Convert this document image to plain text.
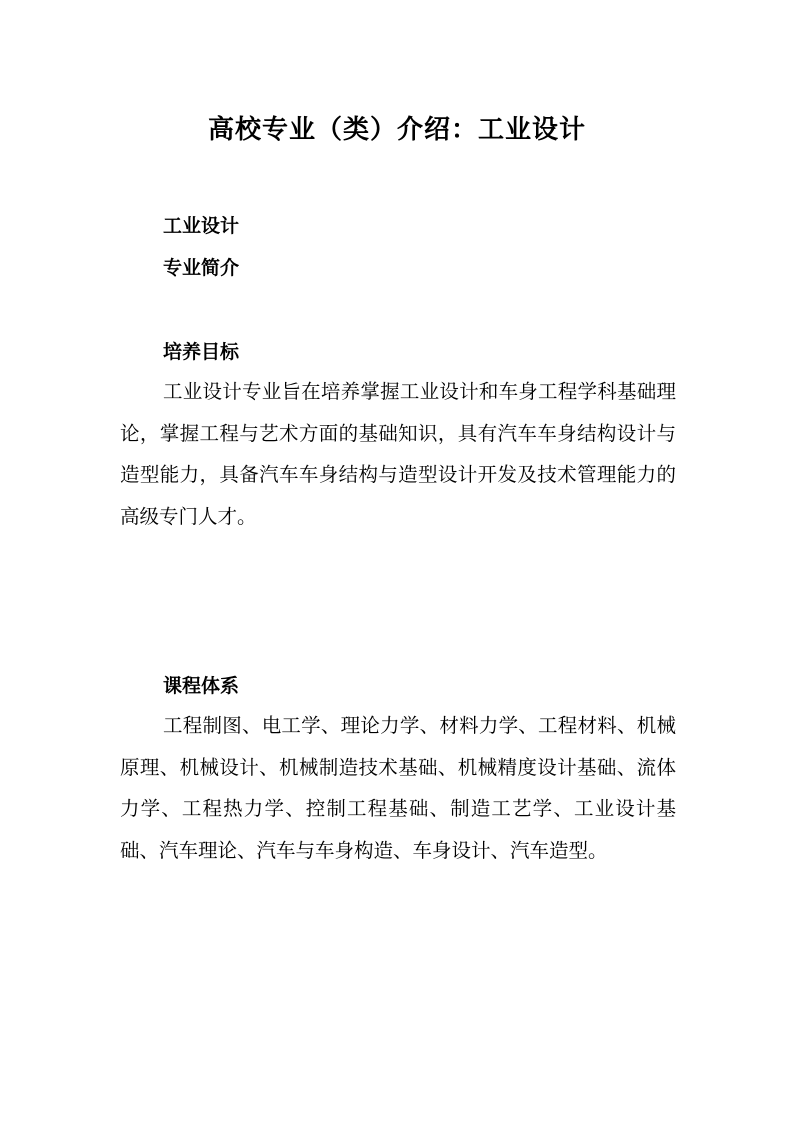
高校专业（类）介绍：工业设计
工业设计
专业简介
培养目标

工业设计专业旨在培养掌握工业设计和车身工程学科基础理论，掌握工程与艺术方面的基础知识，具有汽车车身结构设计与造型能力，具备汽车车身结构与造型设计开发及技术管理能力的高级专门人才。

课程体系

工程制图、电工学、理论力学、材料力学、工程材料、机械原理、机械设计、机械制造技术基础、机械精度设计基础、流体力学、工程热力学、控制工程基础、制造工艺学、工业设计基础、汽车理论、汽车与车身构造、车身设计、汽车造型。
